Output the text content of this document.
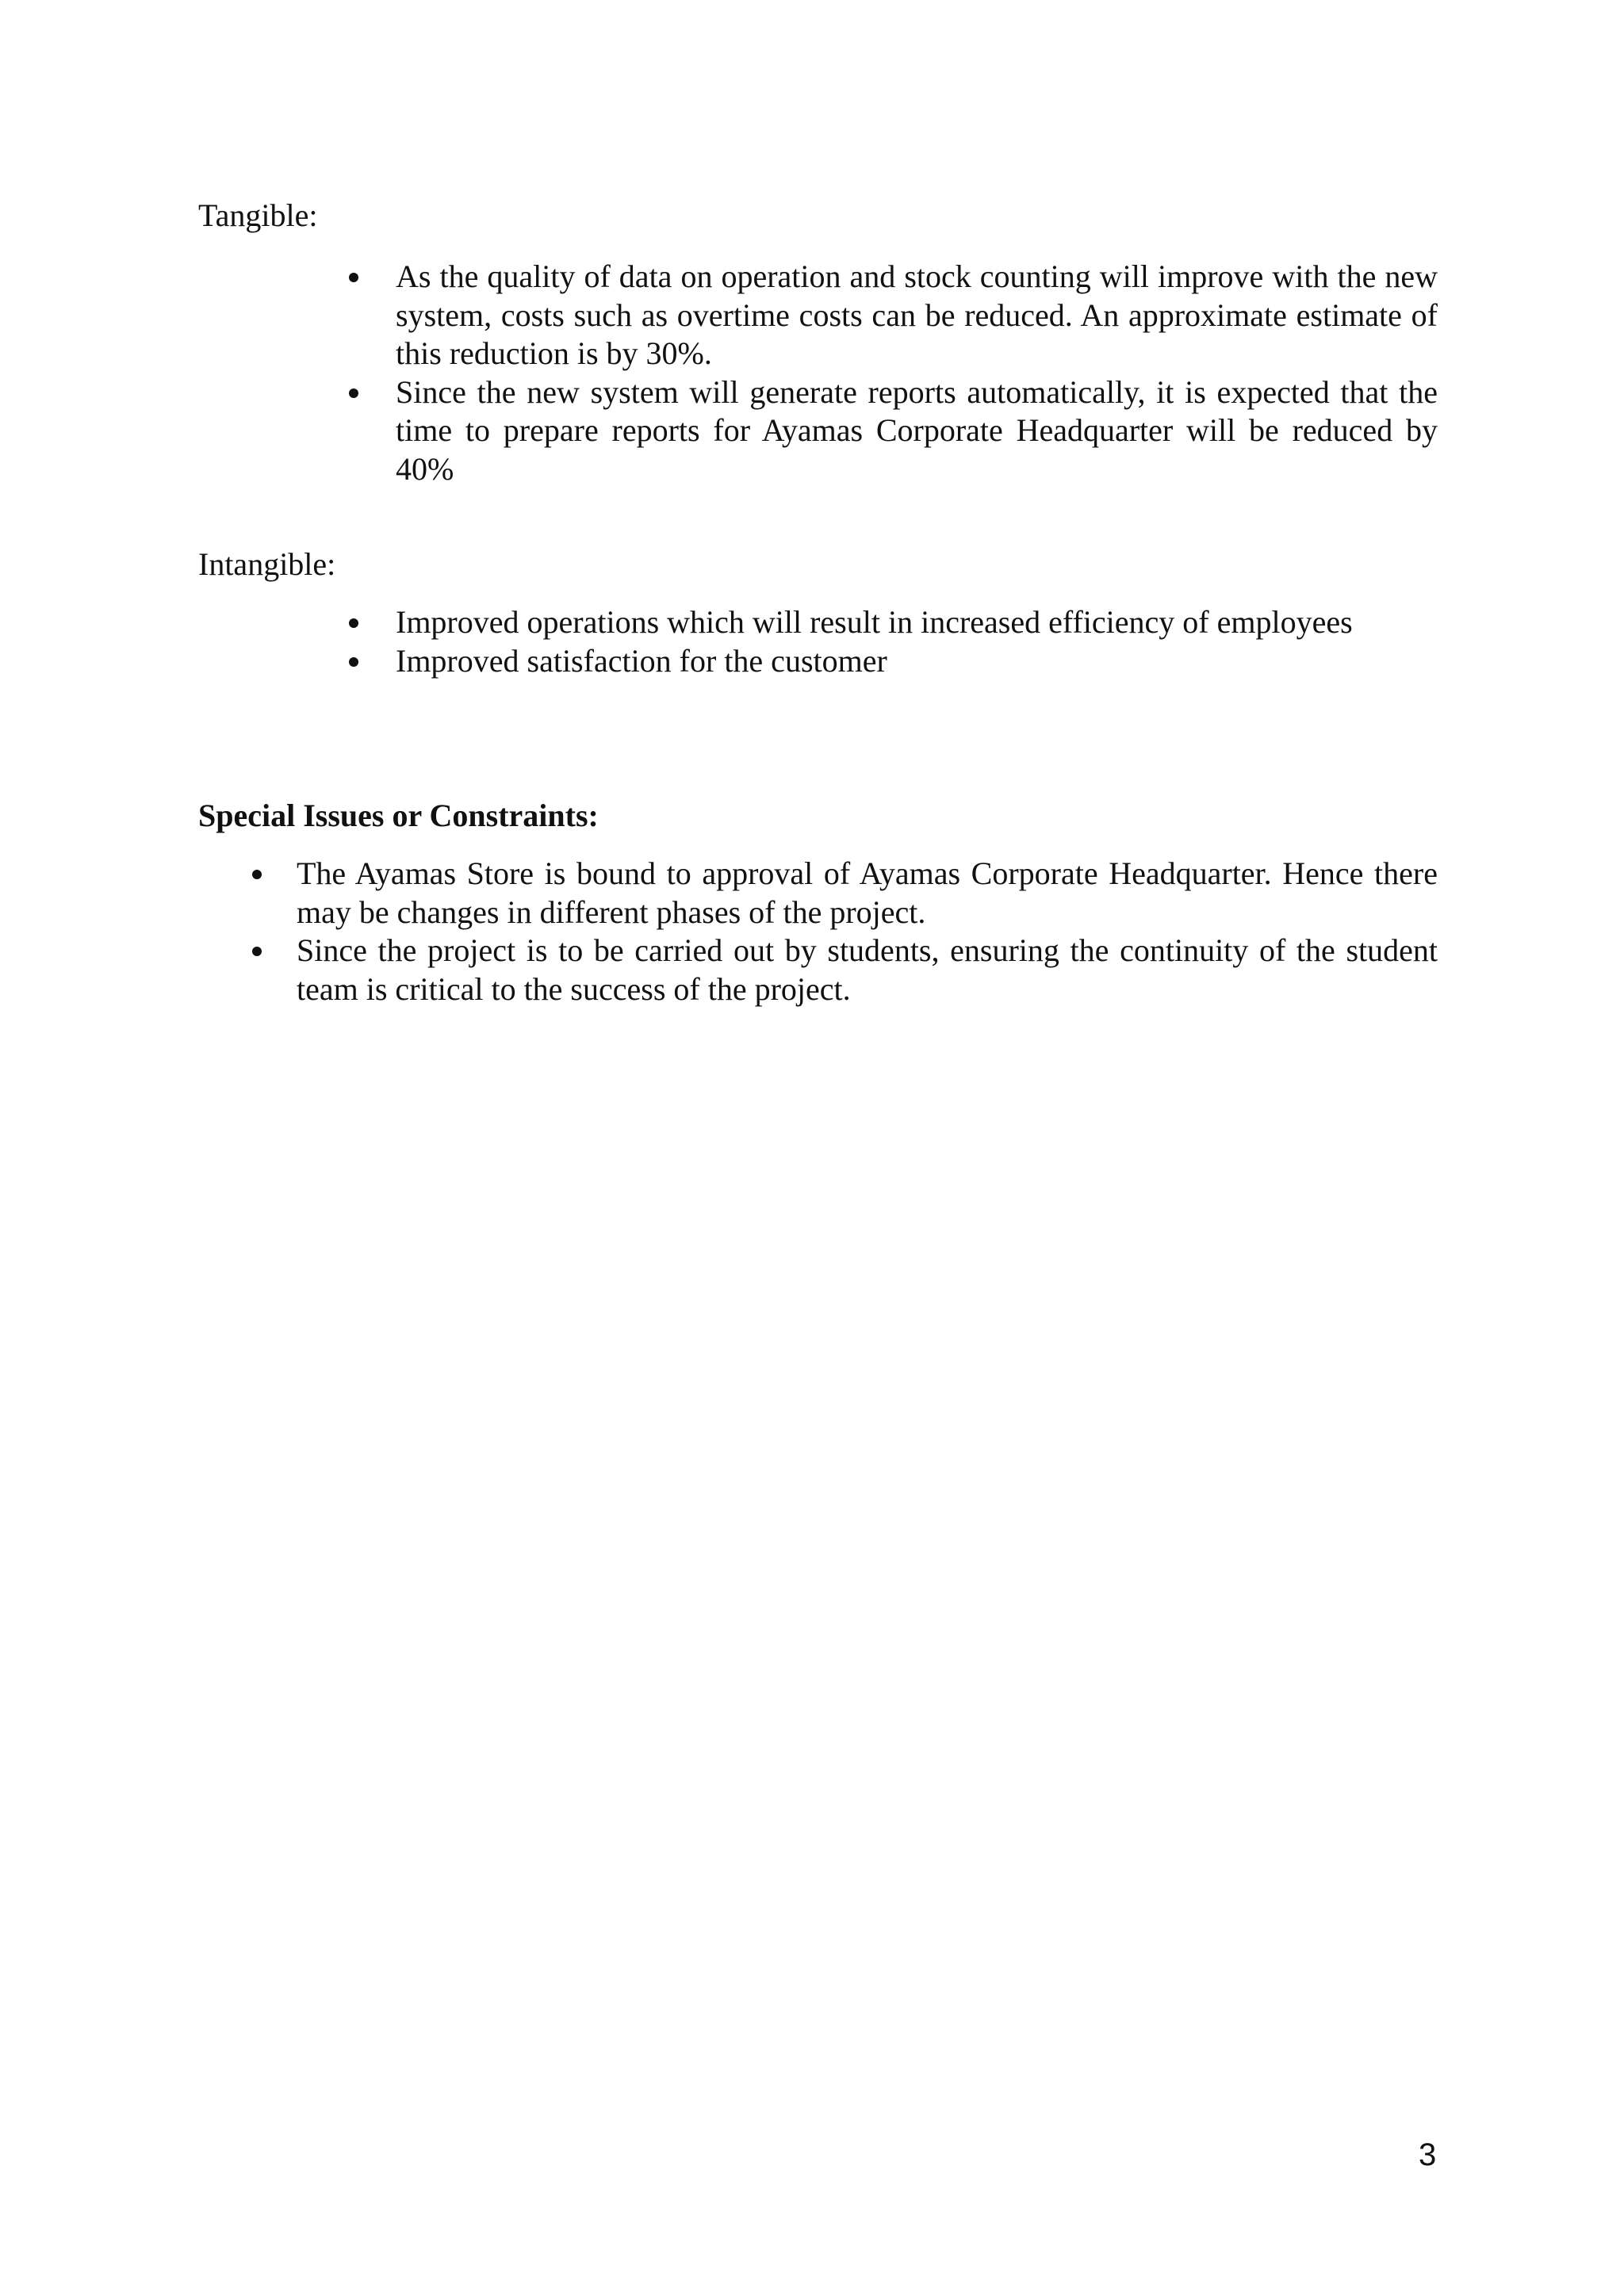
Tangible:
As the quality of data on operation and stock counting will improve with the new system, costs such as overtime costs can be reduced. An approximate estimate of this reduction is by 30%.
Since the new system will generate reports automatically, it is expected that the time to prepare reports for Ayamas Corporate Headquarter will be reduced by 40%
Intangible:
Improved operations which will result in increased efficiency of employees
Improved satisfaction for the customer
Special Issues or Constraints:
The Ayamas Store is bound to approval of Ayamas Corporate Headquarter. Hence there may be changes in different phases of the project.
Since the project is to be carried out by students, ensuring the continuity of the student team is critical to the success of the project.
3
